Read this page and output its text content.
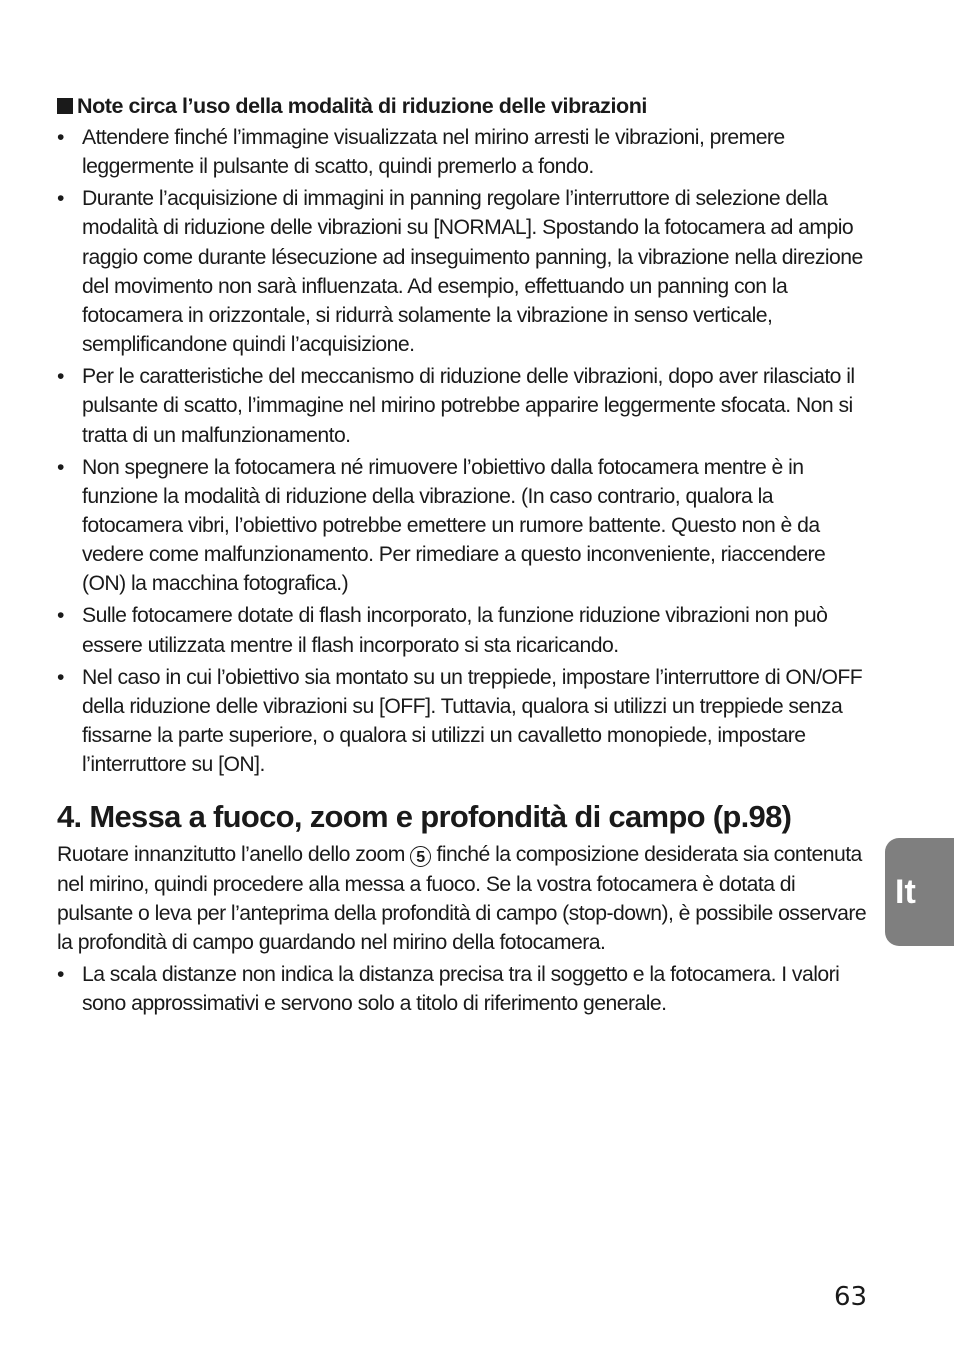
Note circa l’uso della modalità di riduzione delle vibrazioni
• Attendere finché l’immagine visualizzata nel mirino arresti le vibrazioni, premere leggermente il pulsante di scatto, quindi premerlo a fondo.
• Durante l’acquisizione di immagini in panning regolare l’interruttore di selezione della modalità di riduzione delle vibrazioni su [NORMAL]. Spostando la fotocamera ad ampio raggio come durante lésecuzione ad inseguimento panning, la vibrazione nella direzione del movimento non sarà influenzata. Ad esempio, effettuando un panning con la fotocamera in orizzontale, si ridurrà solamente la vibrazione in senso verticale, semplificandone quindi l’acquisizione.
• Per le caratteristiche del meccanismo di riduzione delle vibrazioni, dopo aver rilasciato il pulsante di scatto, l’immagine nel mirino potrebbe apparire leggermente sfocata. Non si tratta di un malfunzionamento.
• Non spegnere la fotocamera né rimuovere l’obiettivo dalla fotocamera mentre è in funzione la modalità di riduzione della vibrazione. (In caso contrario, qualora la fotocamera vibri, l’obiettivo potrebbe emettere un rumore battente. Questo non è da vedere come malfunzionamento. Per rimediare a questo inconveniente, riaccendere (ON) la macchina fotografica.)
• Sulle fotocamere dotate di flash incorporato, la funzione riduzione vibrazioni non può essere utilizzata mentre il flash incorporato si sta ricaricando.
• Nel caso in cui l’obiettivo sia montato su un treppiede, impostare l’interruttore di ON/OFF della riduzione delle vibrazioni su [OFF]. Tuttavia, qualora si utilizzi un treppiede senza fissarne la parte superiore, o qualora si utilizzi un cavalletto monopiede, impostare l’interruttore su [ON].
4. Messa a fuoco, zoom e profondità di campo (p.98)

Ruotare innanzitutto l’anello dello zoom 5 finché la composizione desiderata sia contenuta nel mirino, quindi procedere alla messa a fuoco. Se la vostra fotocamera è dotata di pulsante o leva per l’anteprima della profondità di campo (stop-down), è possibile osservare la profondità di campo guardando nel mirino della fotocamera.

• La scala distanze non indica la distanza precisa tra il soggetto e la fotocamera. I valori sono approssimativi e servono solo a titolo di riferimento generale.
It
63
